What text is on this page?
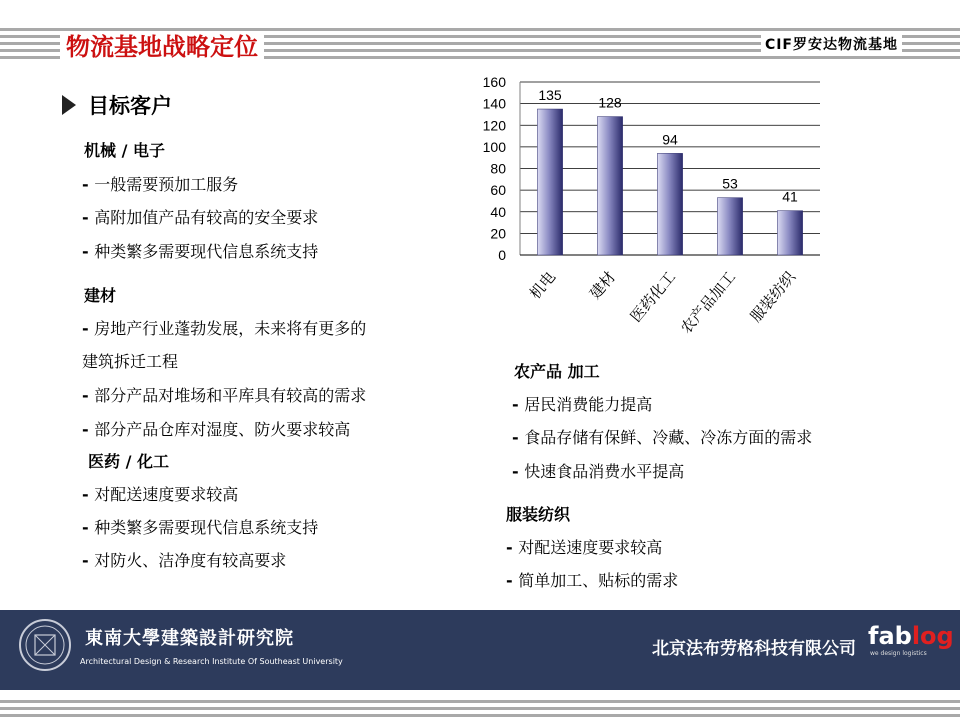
物流基地战略定位	CIF罗安达物流基地
目标客户
机械 / 电子
- 一般需要预加工服务
- 高附加值产品有较高的安全要求
- 种类繁多需要现代信息系统支持
建材
- 房地产行业蓬勃发展，未来将有更多的
建筑拆迁工程
- 部分产品对堆场和平库具有较高的需求
- 部分产品仓库对湿度、防火要求较高
医药 / 化工
- 对配送速度要求较高
- 种类繁多需要现代信息系统支持
- 对防火、洁净度有较高要求
农产品 加工
- 居民消费能力提高
- 食品存储有保鲜、冷藏、冷冻方面的需求
- 快速食品消费水平提高
服装纺织
- 对配送速度要求较高
- 简单加工、贴标的需求
0
20
40
60
80
100
120
140
160
135	128
94
53
41
机电 建材 医药化工
农产品加工 服装纺织
東南大學建築設計研究院
Architectural Design & Research Institute Of Southeast University
北京法布劳格科技有限公司 fablog
we design logistics
